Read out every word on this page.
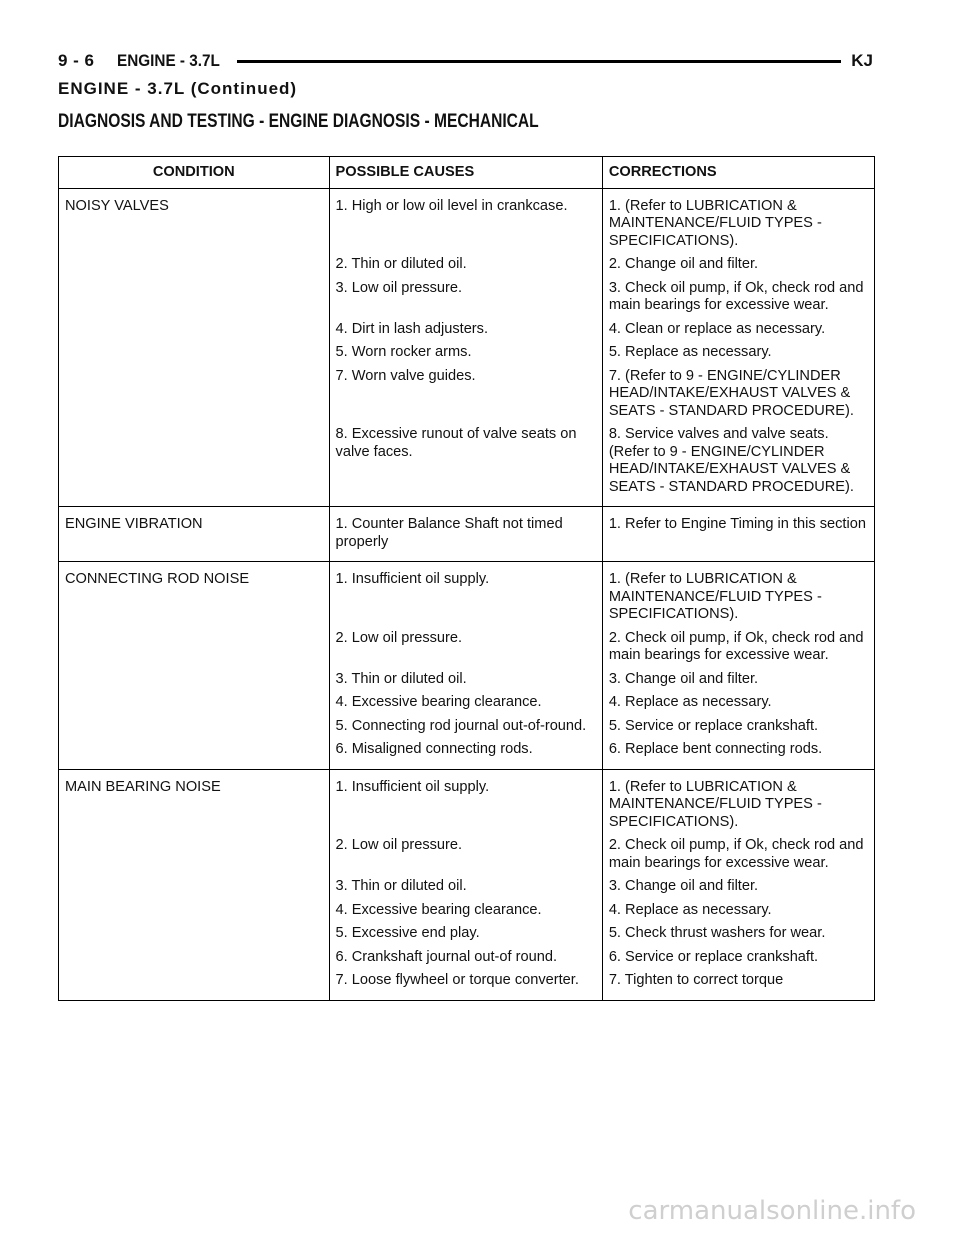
9 - 6 ENGINE - 3.7L	KJ
ENGINE - 3.7L (Continued)
DIAGNOSIS AND TESTING - ENGINE DIAGNOSIS - MECHANICAL
CONDITION	POSSIBLE CAUSES	CORRECTIONS
NOISY VALVES	1. High or low oil level in crankcase.	1. (Refer to LUBRICATION & MAINTENANCE/FLUID TYPES - SPECIFICATIONS).
	2. Thin or diluted oil.	2. Change oil and filter.
	3. Low oil pressure.	3. Check oil pump, if Ok, check rod and main bearings for excessive wear.
	4. Dirt in lash adjusters.	4. Clean or replace as necessary.
	5. Worn rocker arms.	5. Replace as necessary.
	7. Worn valve guides.	7. (Refer to 9 - ENGINE/CYLINDER HEAD/INTAKE/EXHAUST VALVES & SEATS - STANDARD PROCEDURE).
	8. Excessive runout of valve seats on valve faces.	8. Service valves and valve seats. (Refer to 9 - ENGINE/CYLINDER HEAD/INTAKE/EXHAUST VALVES & SEATS - STANDARD PROCEDURE).
ENGINE VIBRATION	1. Counter Balance Shaft not timed properly	1. Refer to Engine Timing in this section
CONNECTING ROD NOISE	1. Insufficient oil supply.	1. (Refer to LUBRICATION & MAINTENANCE/FLUID TYPES - SPECIFICATIONS).
	2. Low oil pressure.	2. Check oil pump, if Ok, check rod and main bearings for excessive wear.
	3. Thin or diluted oil.	3. Change oil and filter.
	4. Excessive bearing clearance.	4. Replace as necessary.
	5. Connecting rod journal out-of-round.	5. Service or replace crankshaft.
	6. Misaligned connecting rods.	6. Replace bent connecting rods.
MAIN BEARING NOISE	1. Insufficient oil supply.	1. (Refer to LUBRICATION & MAINTENANCE/FLUID TYPES - SPECIFICATIONS).
	2. Low oil pressure.	2. Check oil pump, if Ok, check rod and main bearings for excessive wear.
	3. Thin or diluted oil.	3. Change oil and filter.
	4. Excessive bearing clearance.	4. Replace as necessary.
	5. Excessive end play.	5. Check thrust washers for wear.
	6. Crankshaft journal out-of round.	6. Service or replace crankshaft.
	7. Loose flywheel or torque converter.	7. Tighten to correct torque
carmanualsonline.info
